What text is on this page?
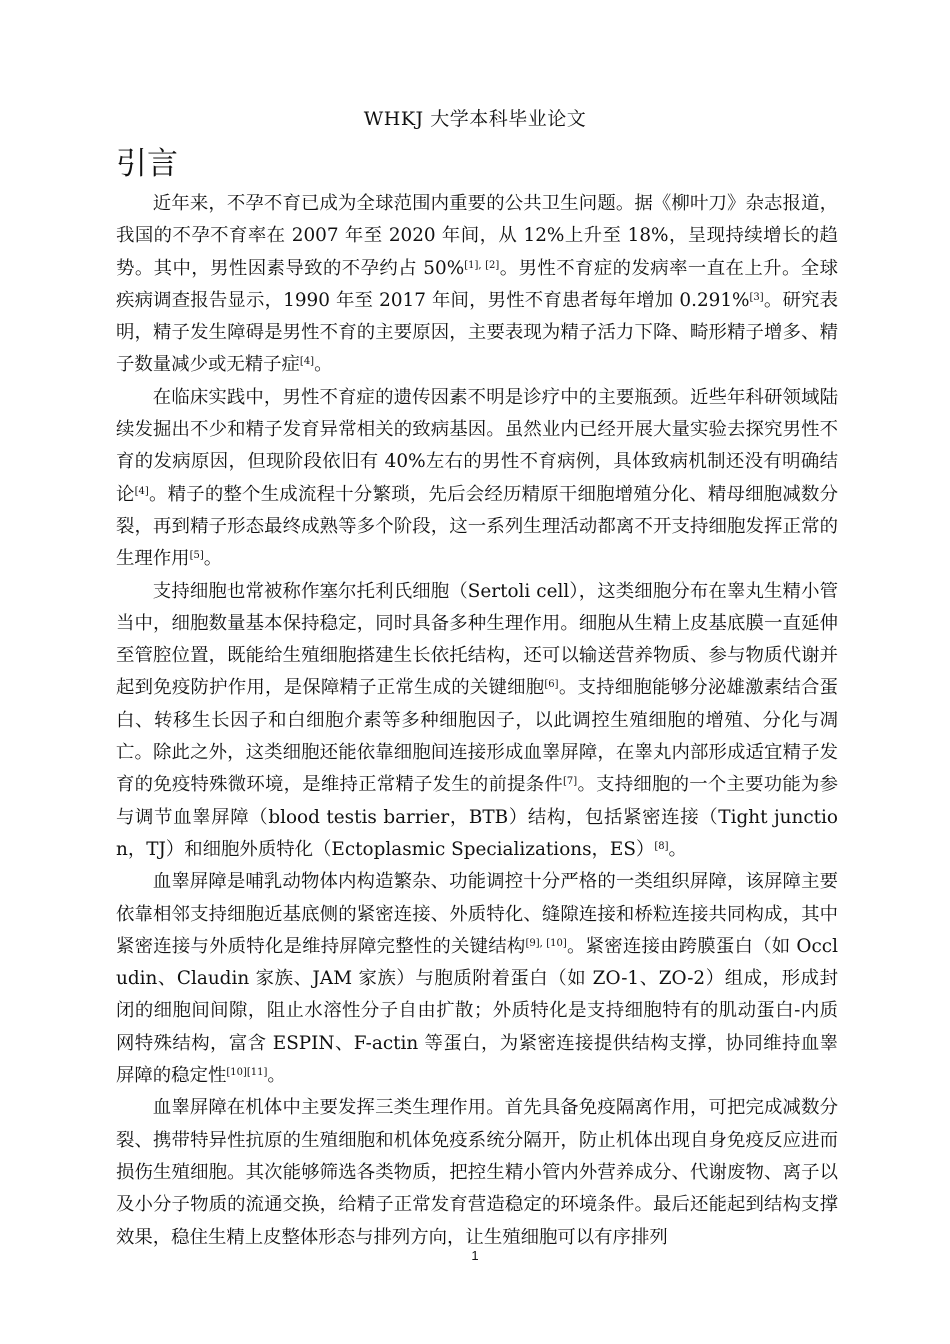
WHKJ 大学本科毕业论文
引言

近年来，不孕不育已成为全球范围内重要的公共卫生问题。据《柳叶刀》杂志报道，我国的不孕不育率在 2007 年至 2020 年间，从 12%上升至 18%，呈现持续增长的趋势。其中，男性因素导致的不孕约占 50%[1], [2]。男性不育症的发病率一直在上升。全球疾病调查报告显示，1990 年至 2017 年间，男性不育患者每年增加 0.291%[3]。研究表明，精子发生障碍是男性不育的主要原因，主要表现为精子活力下降、畸形精子增多、精子数量减少或无精子症[4]。

在临床实践中，男性不育症的遗传因素不明是诊疗中的主要瓶颈。近些年科研领域陆续发掘出不少和精子发育异常相关的致病基因。虽然业内已经开展大量实验去探究男性不育的发病原因，但现阶段依旧有 40%左右的男性不育病例，具体致病机制还没有明确结论[4]。精子的整个生成流程十分繁琐，先后会经历精原干细胞增殖分化、精母细胞减数分裂，再到精子形态最终成熟等多个阶段，这一系列生理活动都离不开支持细胞发挥正常的生理作用[5]。

支持细胞也常被称作塞尔托利氏细胞（Sertoli cell），这类细胞分布在睾丸生精小管当中，细胞数量基本保持稳定，同时具备多种生理作用。细胞从生精上皮基底膜一直延伸至管腔位置，既能给生殖细胞搭建生长依托结构，还可以输送营养物质、参与物质代谢并起到免疫防护作用，是保障精子正常生成的关键细胞[6]。支持细胞能够分泌雄激素结合蛋白、转移生长因子和白细胞介素等多种细胞因子，以此调控生殖细胞的增殖、分化与凋亡。除此之外，这类细胞还能依靠细胞间连接形成血睾屏障，在睾丸内部形成适宜精子发育的免疫特殊微环境，是维持正常精子发生的前提条件[7]。支持细胞的一个主要功能为参与调节血睾屏障（blood testis barrier，BTB）结构，包括紧密连接（Tight junction，TJ）和细胞外质特化（Ectoplasmic Specializations，ES）[8]。

血睾屏障是哺乳动物体内构造繁杂、功能调控十分严格的一类组织屏障，该屏障主要依靠相邻支持细胞近基底侧的紧密连接、外质特化、缝隙连接和桥粒连接共同构成，其中紧密连接与外质特化是维持屏障完整性的关键结构[9], [10]。紧密连接由跨膜蛋白（如 Occludin、Claudin 家族、JAM 家族）与胞质附着蛋白（如 ZO-1、ZO-2）组成，形成封闭的细胞间间隙，阻止水溶性分子自由扩散；外质特化是支持细胞特有的肌动蛋白-内质网特殊结构，富含 ESPIN、F-actin 等蛋白，为紧密连接提供结构支撑，协同维持血睾屏障的稳定性[10][11]。

血睾屏障在机体中主要发挥三类生理作用。首先具备免疫隔离作用，可把完成减数分裂、携带特异性抗原的生殖细胞和机体免疫系统分隔开，防止机体出现自身免疫反应进而损伤生殖细胞。其次能够筛选各类物质，把控生精小管内外营养成分、代谢废物、离子以及小分子物质的流通交换，给精子正常发育营造稳定的环境条件。最后还能起到结构支撑效果，稳住生精上皮整体形态与排列方向，让生殖细胞可以有序排列

1
